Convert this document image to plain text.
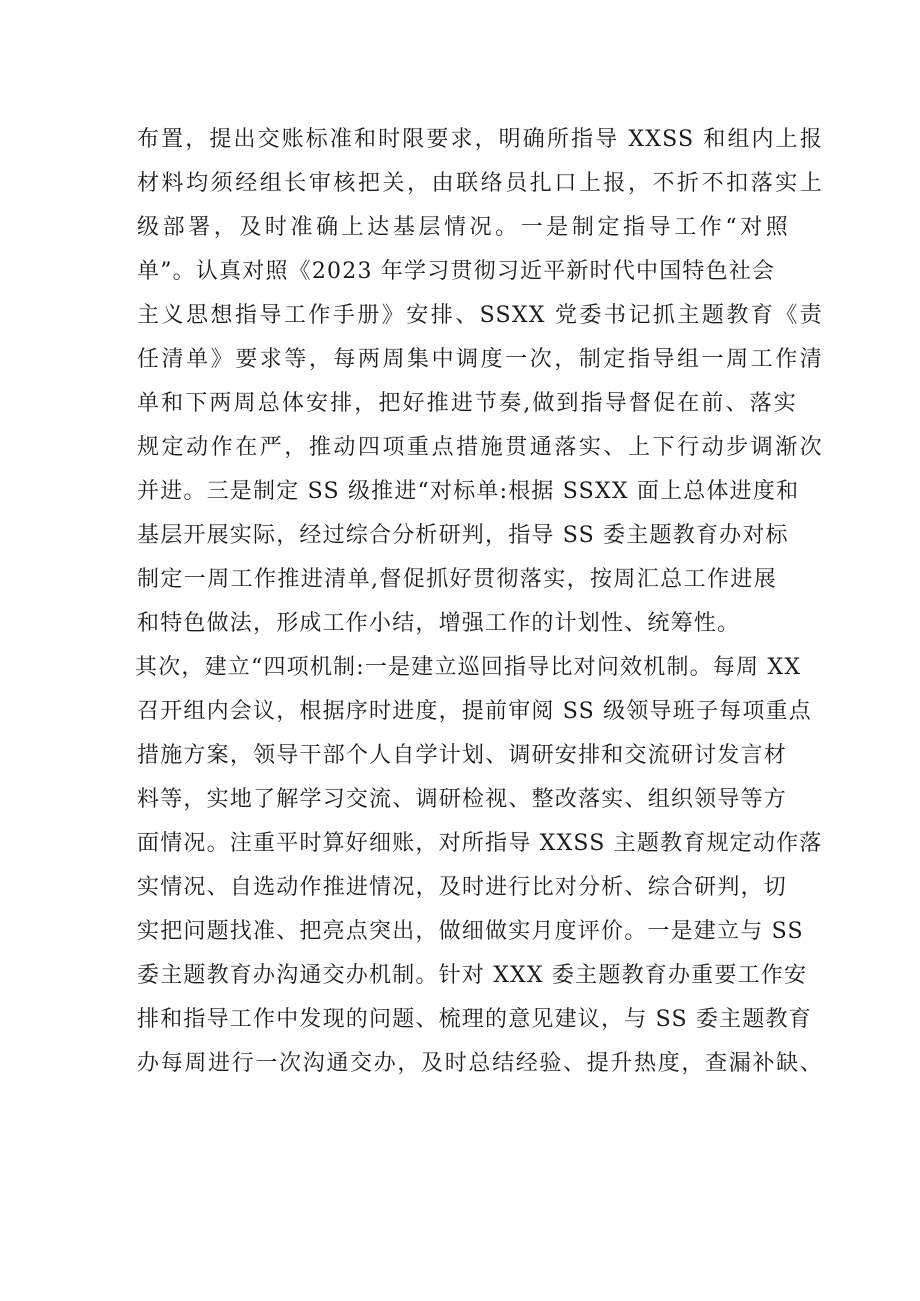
布置，提出交账标准和时限要求，明确所指导 XXSS 和组内上报
材料均须经组长审核把关，由联络员扎口上报，不折不扣落实上
级部署，及时准确上达基层情况。一是制定指导工作“对照
单”。认真对照《2023 年学习贯彻习近平新时代中国特色社会
主义思想指导工作手册》安排、SSXX 党委书记抓主题教育《责
任清单》要求等，每两周集中调度一次，制定指导组一周工作清
单和下两周总体安排，把好推进节奏,做到指导督促在前、落实
规定动作在严，推动四项重点措施贯通落实、上下行动步调渐次
并进。三是制定 SS 级推进“对标单:根据 SSXX 面上总体进度和
基层开展实际，经过综合分析研判，指导 SS 委主题教育办对标
制定一周工作推进清单,督促抓好贯彻落实，按周汇总工作进展
和特色做法，形成工作小结，增强工作的计划性、统筹性。
其次，建立“四项机制:一是建立巡回指导比对问效机制。每周 XX
召开组内会议，根据序时进度，提前审阅 SS 级领导班子每项重点
措施方案，领导干部个人自学计划、调研安排和交流研讨发言材
料等，实地了解学习交流、调研检视、整改落实、组织领导等方
面情况。注重平时算好细账，对所指导 XXSS 主题教育规定动作落
实情况、自选动作推进情况，及时进行比对分析、综合研判，切
实把问题找准、把亮点突出，做细做实月度评价。一是建立与 SS
委主题教育办沟通交办机制。针对 XXX 委主题教育办重要工作安
排和指导工作中发现的问题、梳理的意见建议，与 SS 委主题教育
办每周进行一次沟通交办，及时总结经验、提升热度，查漏补缺、
